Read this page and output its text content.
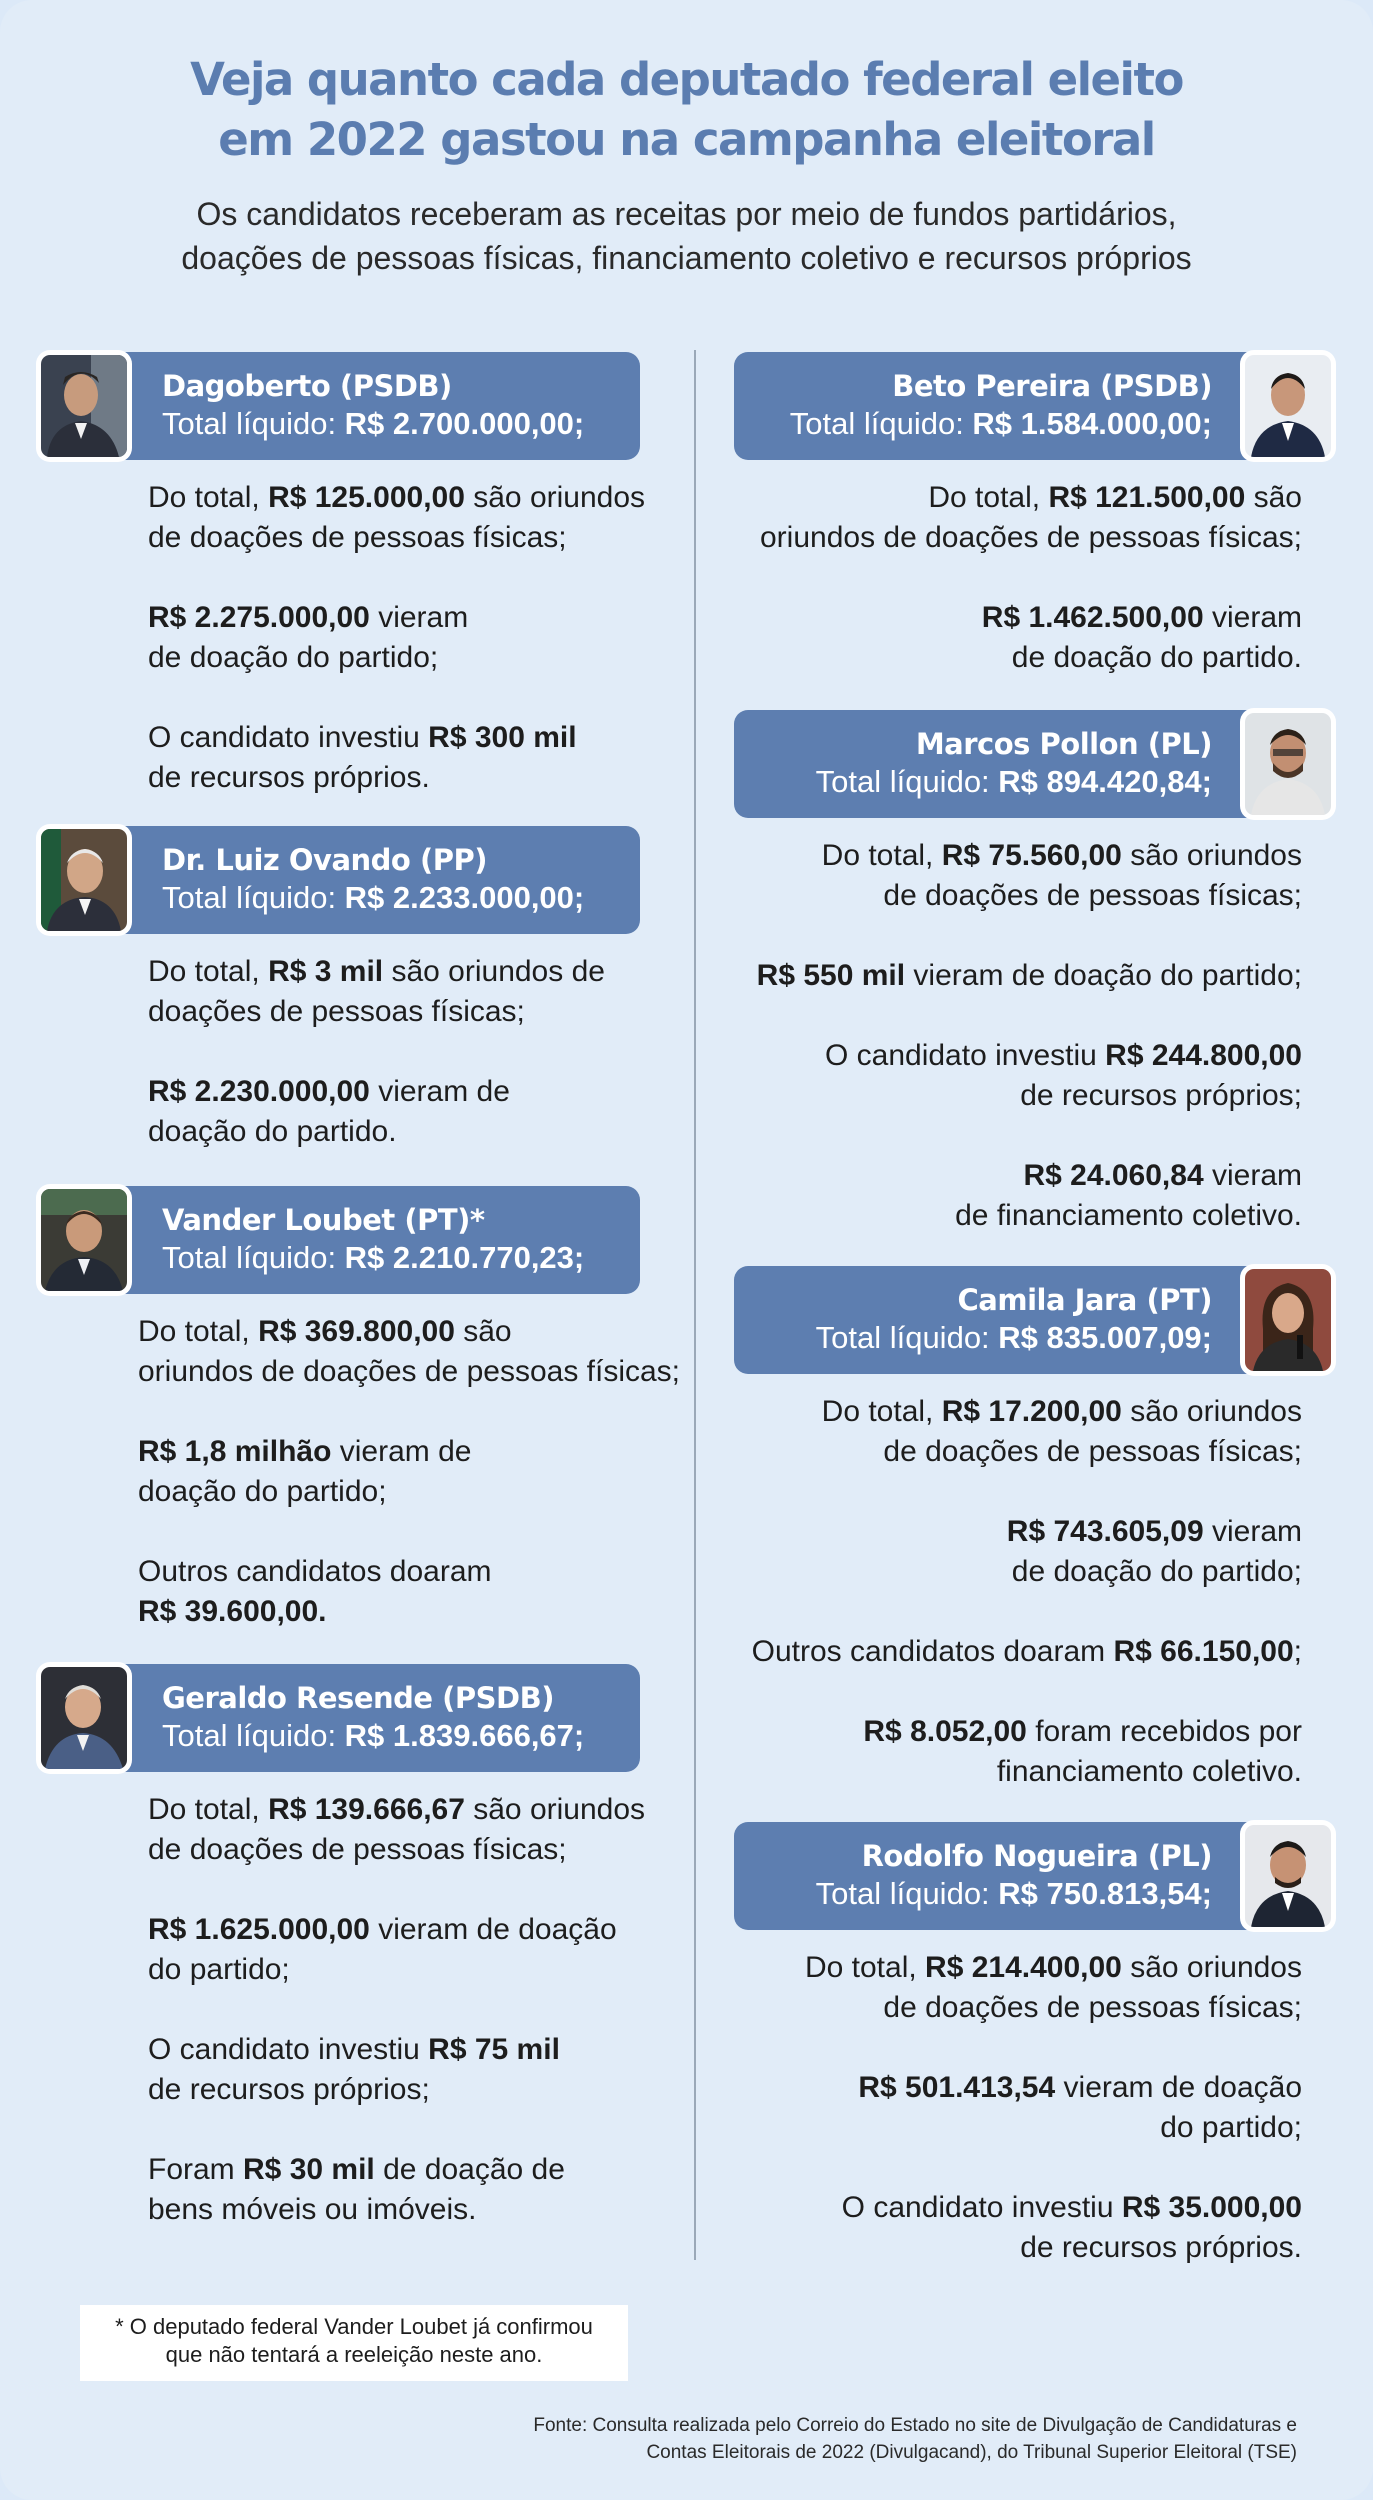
Veja quanto cada deputado federal eleito
em 2022 gastou na campanha eleitoral
Os candidatos receberam as receitas por meio de fundos partidários,
doações de pessoas físicas, financiamento coletivo e recursos próprios
Dagoberto (PSDB)
Total líquido: R$ 2.700.000,00;

Do total, R$ 125.000,00 são oriundos
de doações de pessoas físicas;

R$ 2.275.000,00 vieram
de doação do partido;

O candidato investiu R$ 300 mil
de recursos próprios.

Dr. Luiz Ovando (PP)
Total líquido: R$ 2.233.000,00;

Do total, R$ 3 mil são oriundos de
doações de pessoas físicas;

R$ 2.230.000,00 vieram de
doação do partido.

Vander Loubet (PT)*
Total líquido: R$ 2.210.770,23;

Do total, R$ 369.800,00 são
oriundos de doações de pessoas físicas;

R$ 1,8 milhão vieram de
doação do partido;

Outros candidatos doaram
R$ 39.600,00.

Geraldo Resende (PSDB)
Total líquido: R$ 1.839.666,67;

Do total, R$ 139.666,67 são oriundos
de doações de pessoas físicas;

R$ 1.625.000,00 vieram de doação
do partido;

O candidato investiu R$ 75 mil
de recursos próprios;

Foram R$ 30 mil de doação de
bens móveis ou imóveis.

Beto Pereira (PSDB)
Total líquido: R$ 1.584.000,00;

Do total, R$ 121.500,00 são
oriundos de doações de pessoas físicas;

R$ 1.462.500,00 vieram
de doação do partido.

Marcos Pollon (PL)
Total líquido: R$ 894.420,84;

Do total, R$ 75.560,00 são oriundos
de doações de pessoas físicas;

R$ 550 mil vieram de doação do partido;

O candidato investiu R$ 244.800,00
de recursos próprios;

R$ 24.060,84 vieram
de financiamento coletivo.

Camila Jara (PT)
Total líquido: R$ 835.007,09;

Do total, R$ 17.200,00 são oriundos
de doações de pessoas físicas;

R$ 743.605,09 vieram
de doação do partido;

Outros candidatos doaram R$ 66.150,00;

R$ 8.052,00 foram recebidos por
financiamento coletivo.

Rodolfo Nogueira (PL)
Total líquido: R$ 750.813,54;

Do total, R$ 214.400,00 são oriundos
de doações de pessoas físicas;

R$ 501.413,54 vieram de doação
do partido;

O candidato investiu R$ 35.000,00
de recursos próprios.

* O deputado federal Vander Loubet já confirmou
que não tentará a reeleição neste ano.
Fonte: Consulta realizada pelo Correio do Estado no site de Divulgação de Candidaturas e
Contas Eleitorais de 2022 (Divulgacand), do Tribunal Superior Eleitoral (TSE)
